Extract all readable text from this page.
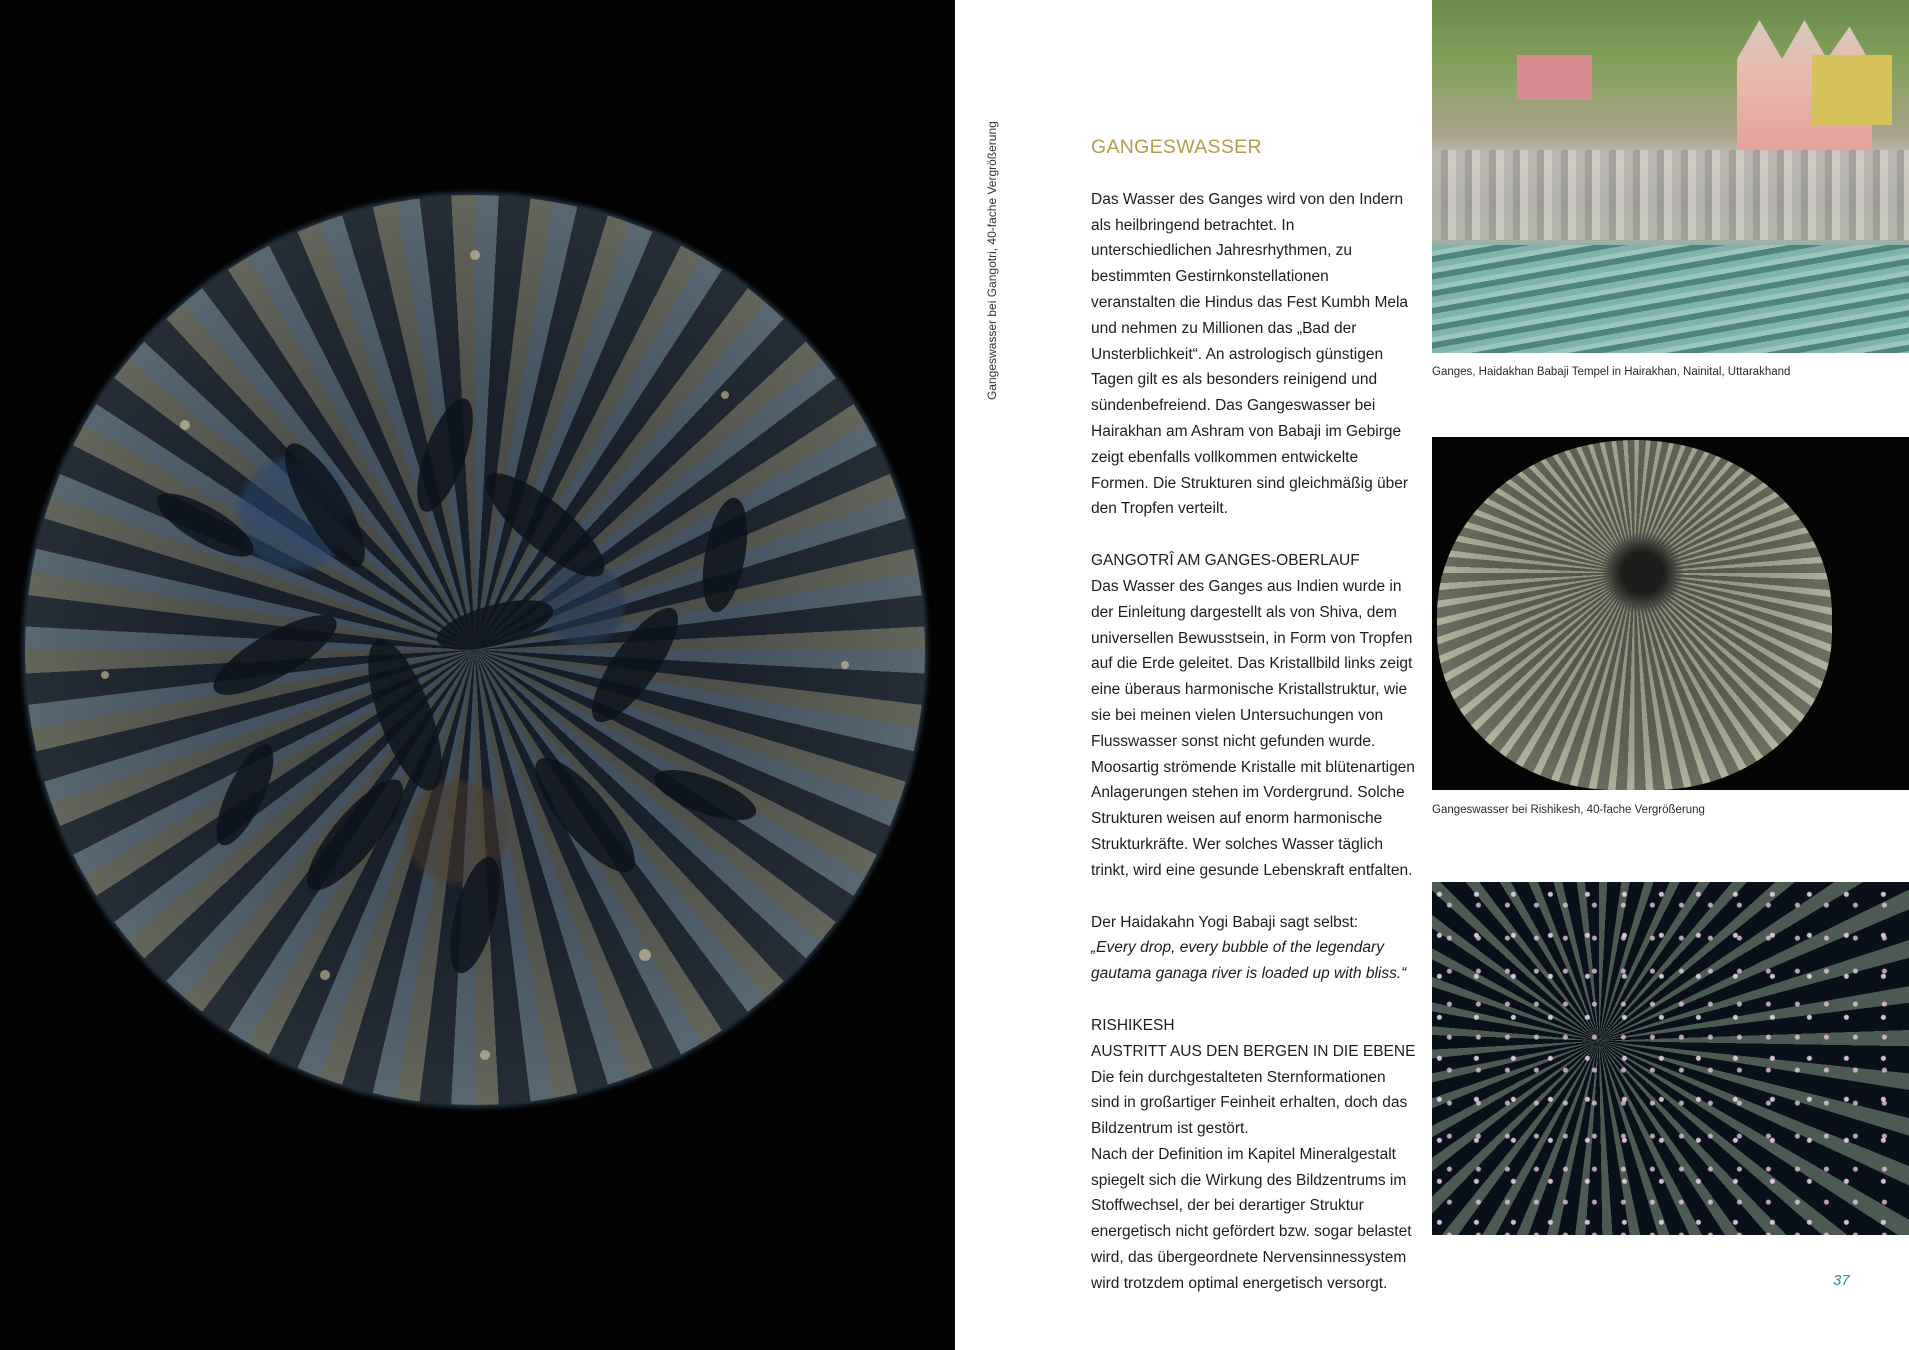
Gangeswasser bei Gangotri, 40-fache Vergrößerung	GANGESWASSER

Das Wasser des Ganges wird von den Indern als heilbringend betrachtet. In unterschiedlichen Jahresrhythmen, zu bestimmten Gestirnkonstellationen veranstalten die Hindus das Fest Kumbh Mela und nehmen zu Millionen das „Bad der Unsterblichkeit“. An astrologisch günstigen Tagen gilt es als besonders reinigend und sündenbefreiend. Das Gangeswasser bei Hairakhan am Ashram von Babaji im Gebirge zeigt ebenfalls vollkommen entwickelte Formen. Die Strukturen sind gleichmäßig über den Tropfen verteilt.

GANGOTRÎ AM GANGES-OBERLAUF

Das Wasser des Ganges aus Indien wurde in der Einleitung dargestellt als von Shiva, dem universellen Bewusstsein, in Form von Tropfen auf die Erde geleitet. Das Kristallbild links zeigt eine überaus harmonische Kristallstruktur, wie sie bei meinen vielen Untersuchungen von Flusswasser sonst nicht gefunden wurde. Moosartig strömende Kristalle mit blütenartigen Anlagerungen stehen im Vordergrund. Solche Strukturen weisen auf enorm harmonische Strukturkräfte. Wer solches Wasser täglich trinkt, wird eine gesunde Lebenskraft entfalten.

Der Haidakahn Yogi Babaji sagt selbst:

„Every drop, every bubble of the legendary gautama ganaga river is loaded up with bliss.“

RISHIKESH

AUSTRITT AUS DEN BERGEN IN DIE EBENE

Die fein durchgestalteten Sternformationen sind in großartiger Feinheit erhalten, doch das Bildzentrum ist gestört.

Nach der Definition im Kapitel Mineralgestalt spiegelt sich die Wirkung des Bildzentrums im Stoffwechsel, der bei derartiger Struktur energetisch nicht gefördert bzw. sogar belastet wird, das übergeordnete Nervensinnessystem wird trotzdem optimal energetisch versorgt.

Ganges, Haidakhan Babaji Tempel in Hairakhan, Nainital, Uttarakhand
Gangeswasser bei Rishikesh, 40-fache Vergrößerung
37
